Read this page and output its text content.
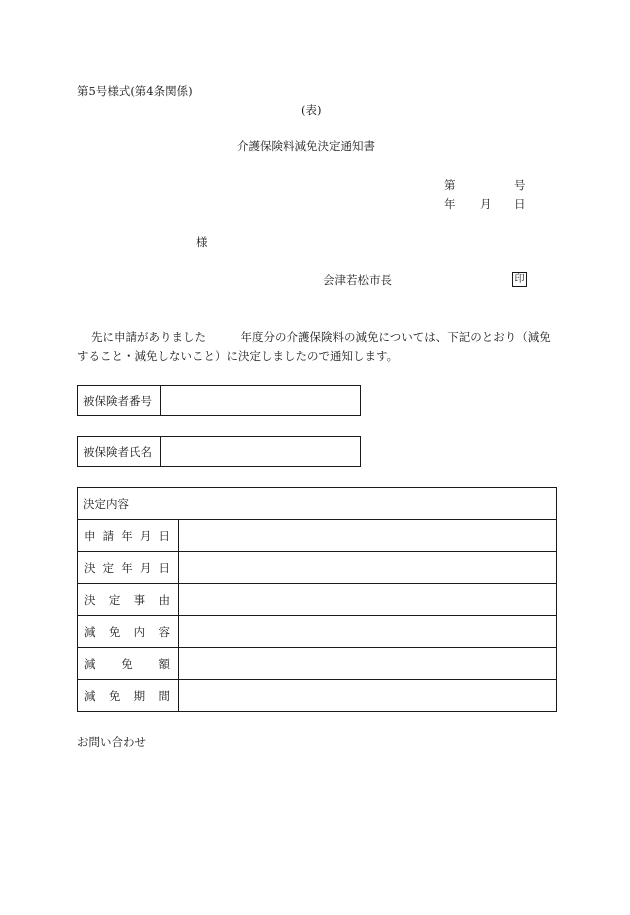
第5号様式(第4条関係)
(表)
介護保険料減免決定通知書
第	号
年 月 日
様
会津若松市長	印
先に申請がありました　　　年度分の介護保険料の減免については、下記のとおり（減免
すること・減免しないこと）に決定しましたので通知します。
被保険者番号
被保険者氏名
決定内容
申 請 年 月 日
決 定 年 月 日
決 定 事 由
減 免 内 容
減 免 額
減 免 期 間
お問い合わせ
